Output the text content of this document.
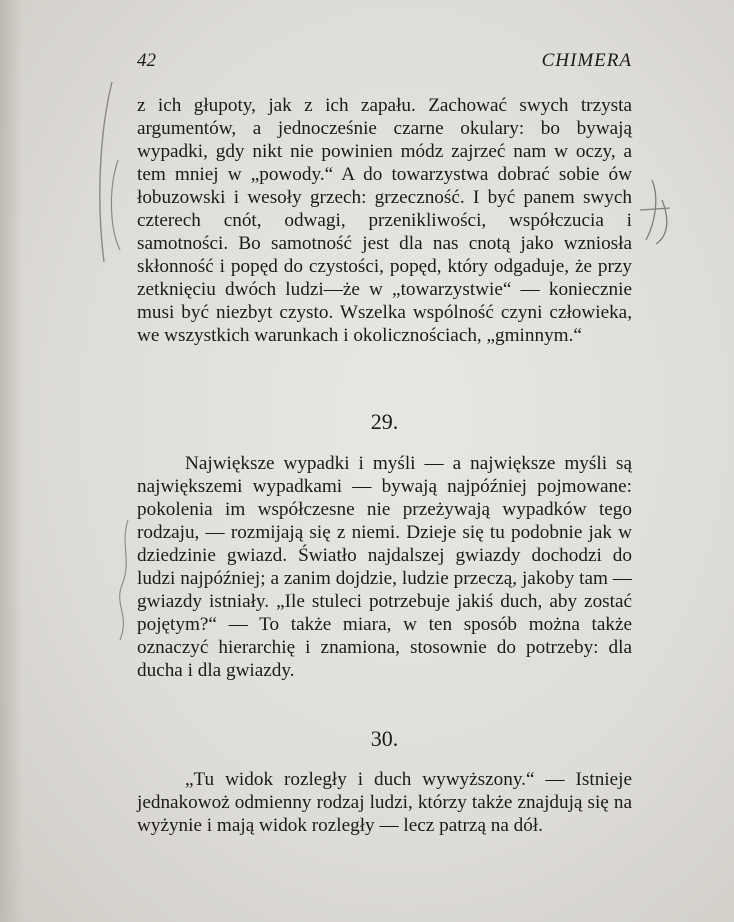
42	CHIMERA

z ich głupoty, jak z ich zapału. Zachować swych trzysta argumentów, a jednocześnie czarne okulary: bo bywają wypadki, gdy nikt nie powinien módz zajrzeć nam w oczy, a tem mniej w „powody.“ A do towarzystwa dobrać sobie ów łobuzowski i wesoły grzech: grzeczność. I być panem swych czterech cnót, odwagi, przenikliwości, współczucia i samotności. Bo samotność jest dla nas cnotą jako wzniosła skłonność i popęd do czystości, popęd, który odgaduje, że przy zetknięciu dwóch ludzi—że w „towarzystwie“ — koniecznie musi być niezbyt czysto. Wszelka wspólność czyni człowieka, we wszystkich warunkach i okolicznościach, „gminnym.“

29.

Największe wypadki i myśli — a największe myśli są największemi wypadkami — bywają najpóźniej pojmowane: pokolenia im współczesne nie przeżywają wypadków tego rodzaju, — rozmijają się z niemi. Dzieje się tu podobnie jak w dziedzinie gwiazd. Światło najdalszej gwiazdy dochodzi do ludzi najpóźniej; a zanim dojdzie, ludzie przeczą, jakoby tam — gwiazdy istniały. „Ile stuleci potrzebuje jakiś duch, aby zostać pojętym?“ — To także miara, w ten sposób można także oznaczyć hierarchię i znamiona, stosownie do potrzeby: dla ducha i dla gwiazdy.

30.

„Tu widok rozległy i duch wywyższony.“ — Istnieje jednakowoż odmienny rodzaj ludzi, którzy także znajdują się na wyżynie i mają widok rozległy — lecz patrzą na dół.
